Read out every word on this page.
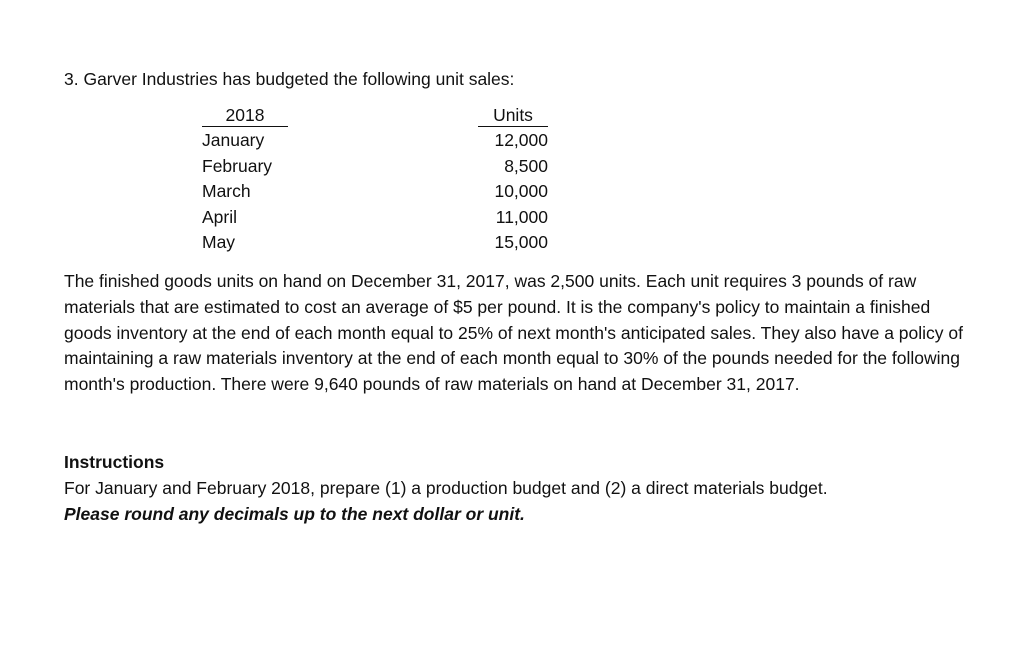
3. Garver Industries has budgeted the following unit sales:
2018	Units
January	12,000
February	8,500
March	10,000
April	11,000
May	15,000
The finished goods units on hand on December 31, 2017, was 2,500 units. Each unit requires 3 pounds of raw materials that are estimated to cost an average of $5 per pound. It is the company's policy to maintain a finished goods inventory at the end of each month equal to 25% of next month's anticipated sales. They also have a policy of maintaining a raw materials inventory at the end of each month equal to 30% of the pounds needed for the following month's production. There were 9,640 pounds of raw materials on hand at December 31, 2017.
Instructions
For January and February 2018, prepare (1) a production budget and (2) a direct materials budget.
Please round any decimals up to the next dollar or unit.
